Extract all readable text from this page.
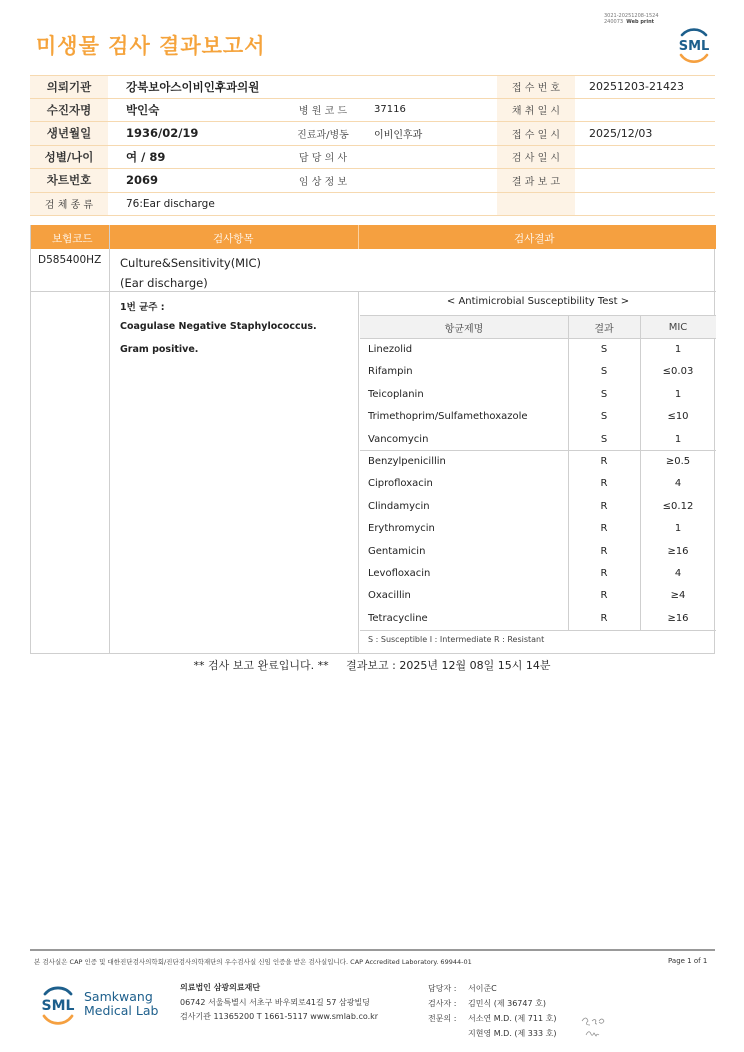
3021-20251208-1524
240073 Web print
미생물 검사 결과보고서	SML
의뢰기관	강북보아스이비인후과의원	접 수 번 호	20251203-21423
수진자명	박인숙	병 원 코 드	37116	채 취 일 시
생년월일	1936/02/19	진료과/병동	이비인후과	접 수 일 시	2025/12/03
성별/나이	여 / 89	담 당 의 사	검 사 일 시
차트번호	2069	임 상 정 보	결 과 보 고
검 체 종 류	76:Ear discharge
보험코드	검사항목	검사결과
D585400HZ Culture&Sensitivity(MIC)
(Ear discharge)
1번 균주 :
Coagulase Negative Staphylococcus.
Gram positive.
< Antimicrobial Susceptibility Test >
항균제명	결과	MIC
Linezolid	S	1
Rifampin	S	≤0.03
Teicoplanin	S	1
Trimethoprim/Sulfamethoxazole	S	≤10
Vancomycin	S	1
Benzylpenicillin	R	≥0.5
Ciprofloxacin	R	4
Clindamycin	R	≤0.12
Erythromycin	R	1
Gentamicin	R	≥16
Levofloxacin	R	4
Oxacillin	R	≥4
Tetracycline	R	≥16
S : Susceptible I : Intermediate R : Resistant
** 검사 보고 완료입니다. ** 결과보고 : 2025년 12월 08일 15시 14분
본 검사실은 CAP 인증 및 대한진단검사의학회/진단검사의학재단의 우수검사실 신임 인증을 받은 검사실입니다. CAP Accredited Laboratory. 69944-01	Page 1 of 1
SML
Samkwang
Medical Lab
의료법인 삼광의료재단
06742 서울특별시 서초구 바우뫼로41길 57 삼광빌딩
검사기관 11365200 T 1661-5117 www.smlab.co.kr
담당자 :	서이준C
검사자 :	김민식 (제 36747 호)
전문의 :	서소연 M.D. (제 711 호)
지현영 M.D. (제 333 호)
